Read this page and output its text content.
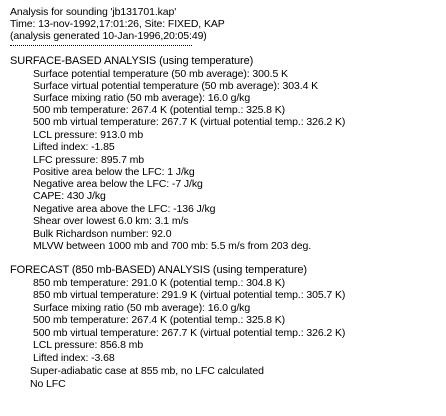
Analysis for sounding 'jb131701.kap'
Time: 13-nov-1992,17:01:26, Site: FIXED, KAP
(analysis generated 10-Jan-1996,20:05:49)
SURFACE-BASED ANALYSIS (using temperature)
Surface potential temperature (50 mb average): 300.5 K
Surface virtual potential temperature (50 mb average): 303.4 K
Surface mixing ratio (50 mb average): 16.0 g/kg
500 mb temperature: 267.4 K (potential temp.: 325.8 K)
500 mb virtual temperature: 267.7 K (virtual potential temp.: 326.2 K)
LCL pressure: 913.0 mb
Lifted index: -1.85
LFC pressure: 895.7 mb
Positive area below the LFC: 1 J/kg
Negative area below the LFC: -7 J/kg
CAPE: 430 J/kg
Negative area above the LFC: -136 J/kg
Shear over lowest 6.0 km: 3.1 m/s
Bulk Richardson number: 92.0
MLVW between 1000 mb and 700 mb: 5.5 m/s from 203 deg.
FORECAST (850 mb-BASED) ANALYSIS (using temperature)
850 mb temperature: 291.0 K (potential temp.: 304.8 K)
850 mb virtual temperature: 291.9 K (virtual potential temp.: 305.7 K)
Surface mixing ratio (50 mb average): 16.0 g/kg
500 mb temperature: 267.4 K (potential temp.: 325.8 K)
500 mb virtual temperature: 267.7 K (virtual potential temp.: 326.2 K)
LCL pressure: 856.8 mb
Lifted index: -3.68
Super-adiabatic case at 855 mb, no LFC calculated
No LFC
